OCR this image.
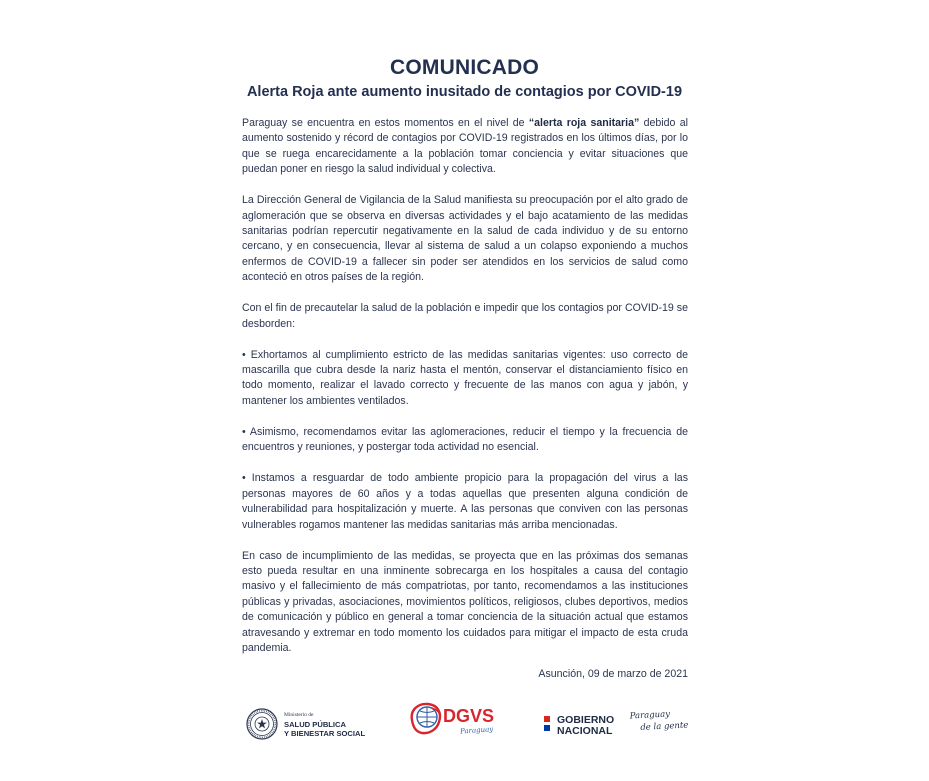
COMUNICADO
Alerta Roja ante aumento inusitado de contagios por COVID-19

Paraguay se encuentra en estos momentos en el nivel de “alerta roja sanitaria” debido al aumento sostenido y récord de contagios por COVID-19 registrados en los últimos días, por lo que se ruega encarecidamente a la población tomar conciencia y evitar situaciones que puedan poner en riesgo la salud individual y colectiva.

La Dirección General de Vigilancia de la Salud manifiesta su preocupación por el alto grado de aglomeración que se observa en diversas actividades y el bajo acatamiento de las medidas sanitarias podrían repercutir negativamente en la salud de cada individuo y de su entorno cercano, y en consecuencia, llevar al sistema de salud a un colapso exponiendo a muchos enfermos de COVID-19 a fallecer sin poder ser atendidos en los servicios de salud como aconteció en otros países de la región.

Con el fin de precautelar la salud de la población e impedir que los contagios por COVID-19 se desborden:

• Exhortamos al cumplimiento estricto de las medidas sanitarias vigentes: uso correcto de mascarilla que cubra desde la nariz hasta el mentón, conservar el distanciamiento físico en todo momento, realizar el lavado correcto y frecuente de las manos con agua y jabón, y mantener los ambientes ventilados.

• Asimismo, recomendamos evitar las aglomeraciones, reducir el tiempo y la frecuencia de encuentros y reuniones, y postergar toda actividad no esencial.

• Instamos a resguardar de todo ambiente propicio para la propagación del virus a las personas mayores de 60 años y a todas aquellas que presenten alguna condición de vulnerabilidad para hospitalización y muerte. A las personas que conviven con las personas vulnerables rogamos mantener las medidas sanitarias más arriba mencionadas.

En caso de incumplimiento de las medidas, se proyecta que en las próximas dos semanas esto pueda resultar en una inminente sobrecarga en los hospitales a causa del contagio masivo y el fallecimiento de más compatriotas, por tanto, recomendamos a las instituciones públicas y privadas, asociaciones, movimientos políticos, religiosos, clubes deportivos, medios de comunicación y público en general a tomar conciencia de la situación actual que estamos atravesando y extremar en todo momento los cuidados para mitigar el impacto de esta cruda pandemia.

Asunción, 09 de marzo de 2021
Ministerio de
SALUD PÚBLICA
Y BIENESTAR SOCIAL
DGVS
Paraguay
GOBIERNO
NACIONAL
Paraguay
de la gente
